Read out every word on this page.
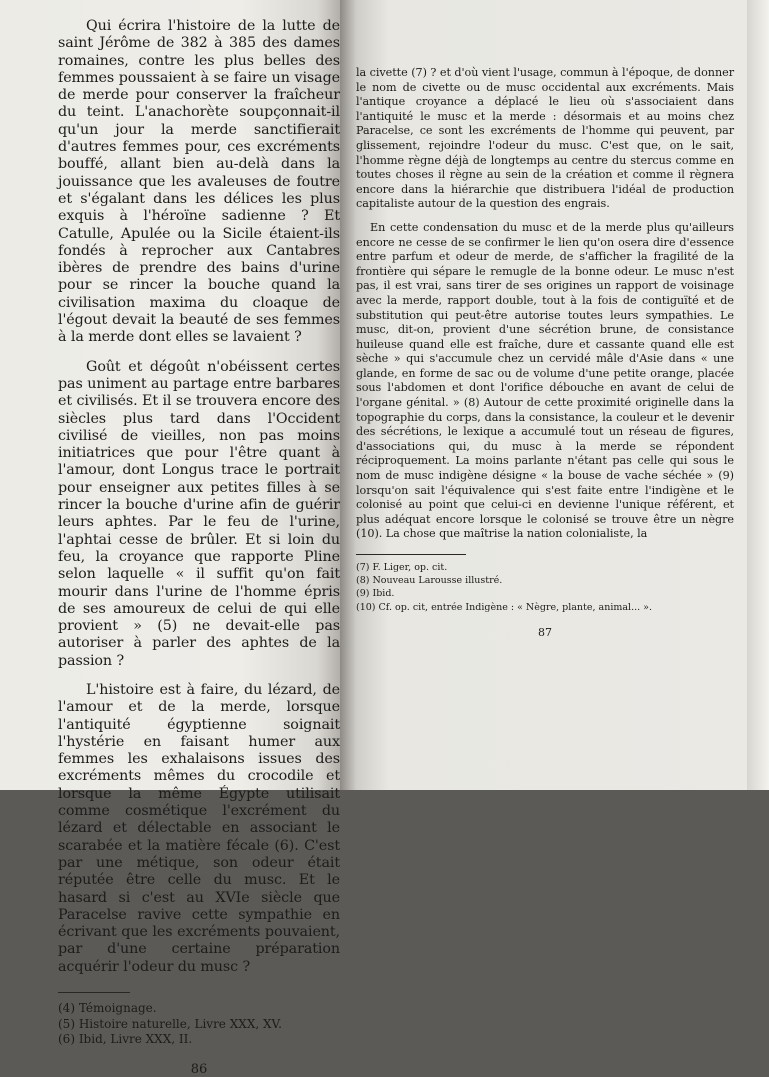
Qui écrira l'histoire de la lutte de saint Jérôme de 382 à 385 des dames romaines, contre les plus belles des femmes poussaient à se faire un visage de merde pour conserver la fraîcheur du teint. L'anachorète soupçonnait-il qu'un jour la merde sanctifierait d'autres femmes pour, ces excréments bouffé, allant bien au-delà dans la jouissance que les avaleuses de foutre et s'égalant dans les délices les plus exquis à l'héroïne sadienne ? Et Catulle, Apulée ou la Sicile étaient-ils fondés à reprocher aux Cantabres ibères de prendre des bains d'urine pour se rincer la bouche quand la civilisation maxima du cloaque de l'égout devait la beauté de ses femmes à la merde dont elles se lavaient ?

Goût et dégoût n'obéissent certes pas uniment au partage entre barbares et civilisés. Et il se trouvera encore des siècles plus tard dans l'Occident civilisé de vieilles, non pas moins initiatrices que pour l'être quant à l'amour, dont Longus trace le portrait pour enseigner aux petites filles à se rincer la bouche d'urine afin de guérir leurs aphtes. Par le feu de l'urine, l'aphtai cesse de brûler. Et si loin du feu, la croyance que rapporte Pline selon laquelle « il suffit qu'on fait mourir dans l'urine de l'homme épris de ses amoureux de celui de qui elle provient » (5) ne devait-elle pas autoriser à parler des aphtes de la passion ?

L'histoire est à faire, du lézard, de l'amour et de la merde, lorsque l'antiquité égyptienne soignait l'hystérie en faisant humer aux femmes les exhalaisons issues des excréments mêmes du crocodile et lorsque la même Égypte utilisait comme cosmétique l'excrément du lézard et délectable en associant le scarabée et la matière fécale (6). C'est par une métique, son odeur était réputée être celle du musc. Et le hasard si c'est au XVIe siècle que Paracelse ravive cette sympathie en écrivant que les excréments pouvaient, par d'une certaine préparation acquérir l'odeur du musc ?

(4) Témoignage.

(5) Histoire naturelle, Livre XXX, XV.

(6) Ibid, Livre XXX, II.

86

la civette (7) ? et d'où vient l'usage, commun à l'époque, de donner le nom de civette ou de musc occidental aux excréments. Mais l'antique croyance a déplacé le lieu où s'associaient dans l'antiquité le musc et la merde : désormais et au moins chez Paracelse, ce sont les excréments de l'homme qui peuvent, par glissement, rejoindre l'odeur du musc. C'est que, on le sait, l'homme règne déjà de longtemps au centre du stercus comme en toutes choses il règne au sein de la création et comme il règnera encore dans la hiérarchie que distribuera l'idéal de production capitaliste autour de la question des engrais.

En cette condensation du musc et de la merde plus qu'ailleurs encore ne cesse de se confirmer le lien qu'on osera dire d'essence entre parfum et odeur de merde, de s'afficher la fragilité de la frontière qui sépare le remugle de la bonne odeur. Le musc n'est pas, il est vrai, sans tirer de ses origines un rapport de voisinage avec la merde, rapport double, tout à la fois de contiguïté et de substitution qui peut-être autorise toutes leurs sympathies. Le musc, dit-on, provient d'une sécrétion brune, de consistance huileuse quand elle est fraîche, dure et cassante quand elle est sèche » qui s'accumule chez un cervidé mâle d'Asie dans « une glande, en forme de sac ou de volume d'une petite orange, placée sous l'abdomen et dont l'orifice débouche en avant de celui de l'organe génital. » (8) Autour de cette proximité originelle dans la topographie du corps, dans la consistance, la couleur et le devenir des sécrétions, le lexique a accumulé tout un réseau de figures, d'associations qui, du musc à la merde se répondent réciproquement. La moins parlante n'étant pas celle qui sous le nom de musc indigène désigne « la bouse de vache séchée » (9) lorsqu'on sait l'équivalence qui s'est faite entre l'indigène et le colonisé au point que celui-ci en devienne l'unique référent, et plus adéquat encore lorsque le colonisé se trouve être un nègre (10). La chose que maîtrise la nation colonialiste, la

(7) F. Liger, op. cit.

(8) Nouveau Larousse illustré.

(9) Ibid.

(10) Cf. op. cit, entrée Indigène : « Nègre, plante, animal... ».

87
